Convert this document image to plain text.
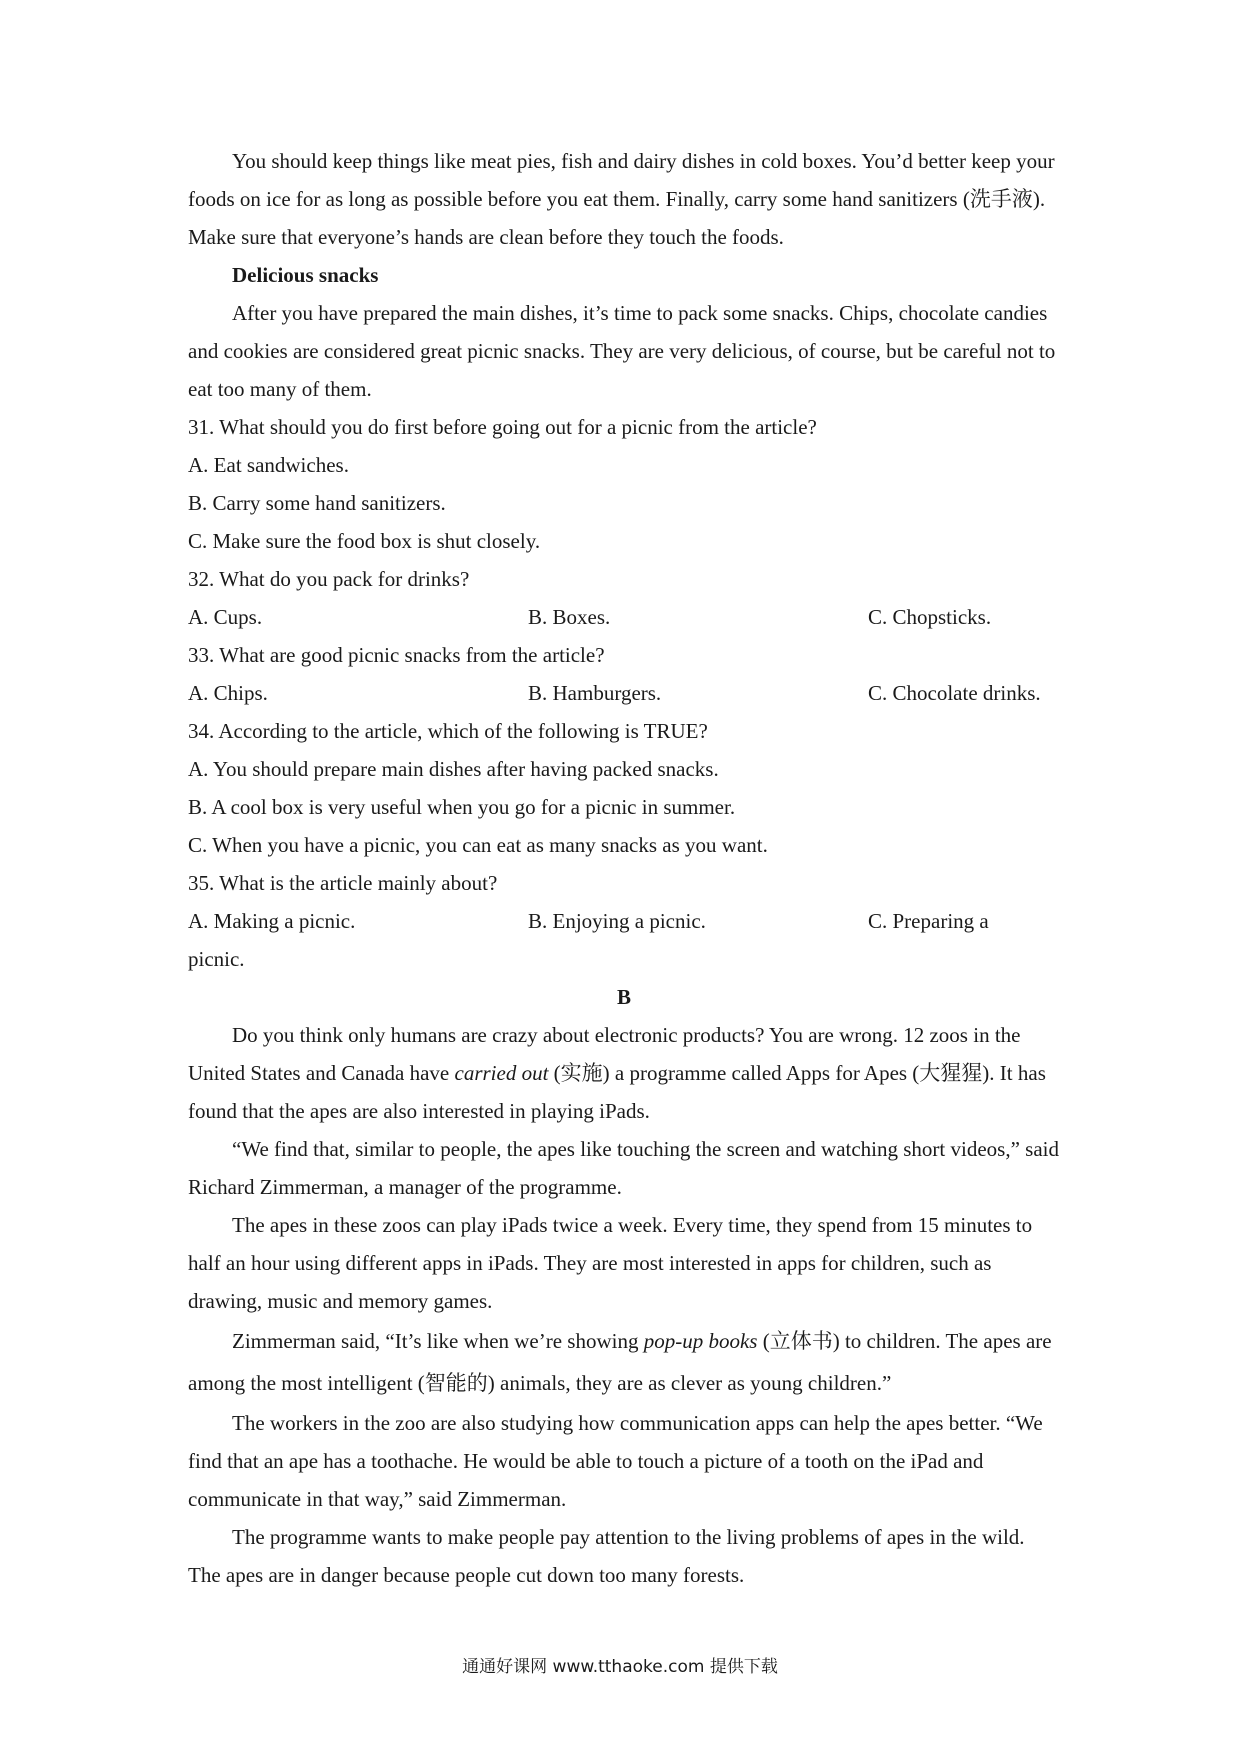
You should keep things like meat pies, fish and dairy dishes in cold boxes. You’d better keep your foods on ice for as long as possible before you eat them. Finally, carry some hand sanitizers (洗手液). Make sure that everyone’s hands are clean before they touch the foods.

Delicious snacks

After you have prepared the main dishes, it’s time to pack some snacks. Chips, chocolate candies and cookies are considered great picnic snacks. They are very delicious, of course, but be careful not to eat too many of them.

31. What should you do first before going out for a picnic from the article?

A. Eat sandwiches.

B. Carry some hand sanitizers.

C. Make sure the food box is shut closely.

32. What do you pack for drinks?

A. Cups.	B. Boxes.	C. Chopsticks.

33. What are good picnic snacks from the article?

A. Chips.	B. Hamburgers.	C. Chocolate drinks.

34. According to the article, which of the following is TRUE?

A. You should prepare main dishes after having packed snacks.

B. A cool box is very useful when you go for a picnic in summer.

C. When you have a picnic, you can eat as many snacks as you want.

35. What is the article mainly about?

A. Making a picnic.	B. Enjoying a picnic.	C. Preparing a

picnic.

B

Do you think only humans are crazy about electronic products? You are wrong. 12 zoos in the United States and Canada have carried out (实施) a programme called Apps for Apes (大猩猩). It has found that the apes are also interested in playing iPads.

“We find that, similar to people, the apes like touching the screen and watching short videos,” said Richard Zimmerman, a manager of the programme.

The apes in these zoos can play iPads twice a week. Every time, they spend from 15 minutes to half an hour using different apps in iPads. They are most interested in apps for children, such as drawing, music and memory games.

Zimmerman said, “It’s like when we’re showing pop-up books (立体书) to children. The apes are among the most intelligent (智能的) animals, they are as clever as young children.”

The workers in the zoo are also studying how communication apps can help the apes better. “We find that an ape has a toothache. He would be able to touch a picture of a tooth on the iPad and communicate in that way,” said Zimmerman.

The programme wants to make people pay attention to the living problems of apes in the wild. The apes are in danger because people cut down too many forests.

通通好课网 www.tthaoke.com 提供下载
